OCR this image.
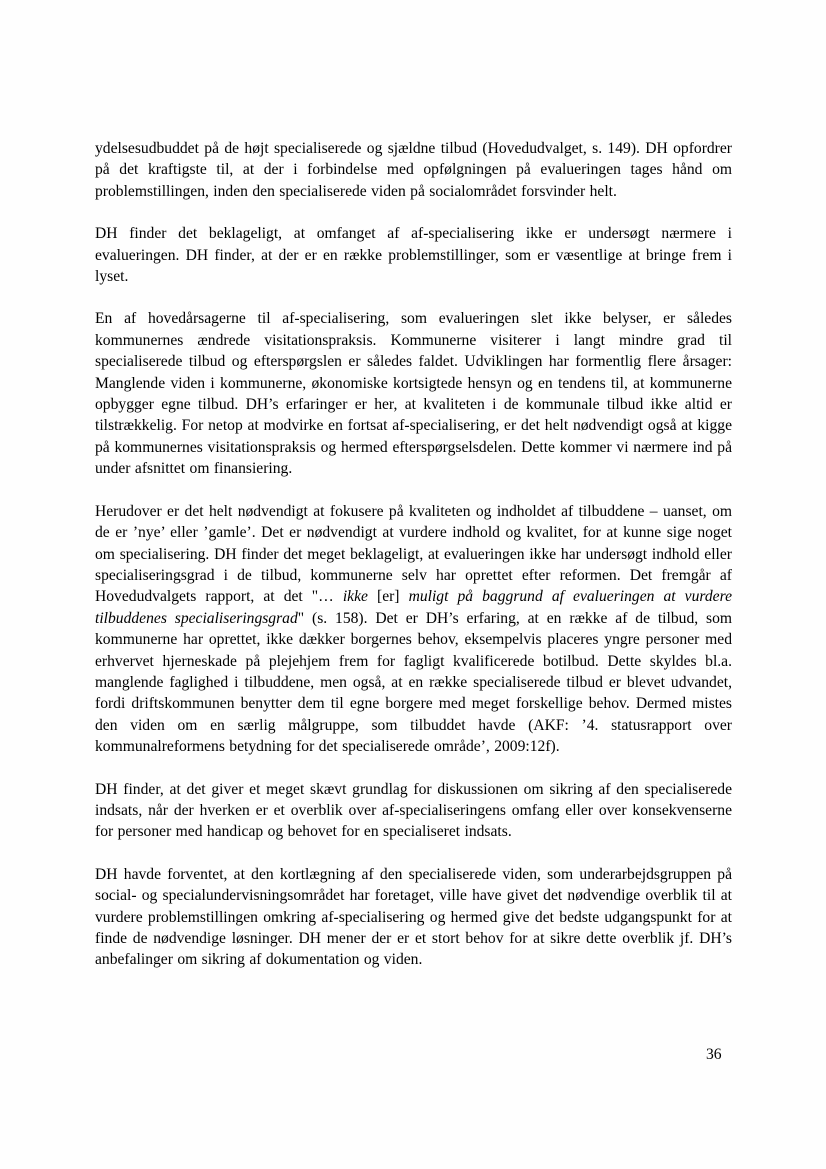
ydelsesudbuddet på de højt specialiserede og sjældne tilbud (Hovedudvalget, s. 149). DH opfordrer på det kraftigste til, at der i forbindelse med opfølgningen på evalueringen tages hånd om problemstillingen, inden den specialiserede viden på socialområdet forsvinder helt.

DH finder det beklageligt, at omfanget af af-specialisering ikke er undersøgt nærmere i evalueringen. DH finder, at der er en række problemstillinger, som er væsentlige at bringe frem i lyset.

En af hovedårsagerne til af-specialisering, som evalueringen slet ikke belyser, er således kommunernes ændrede visitationspraksis. Kommunerne visiterer i langt mindre grad til specialiserede tilbud og efterspørgslen er således faldet. Udviklingen har formentlig flere årsager: Manglende viden i kommunerne, økonomiske kortsigtede hensyn og en tendens til, at kommunerne opbygger egne tilbud. DH’s erfaringer er her, at kvaliteten i de kommunale tilbud ikke altid er tilstrækkelig. For netop at modvirke en fortsat af-specialisering, er det helt nødvendigt også at kigge på kommunernes visitationspraksis og hermed efterspørgselsdelen. Dette kommer vi nærmere ind på under afsnittet om finansiering.

Herudover er det helt nødvendigt at fokusere på kvaliteten og indholdet af tilbuddene – uanset, om de er ’nye’ eller ’gamle’. Det er nødvendigt at vurdere indhold og kvalitet, for at kunne sige noget om specialisering. DH finder det meget beklageligt, at evalueringen ikke har undersøgt indhold eller specialiseringsgrad i de tilbud, kommunerne selv har oprettet efter reformen. Det fremgår af Hovedudvalgets rapport, at det "… ikke [er] muligt på baggrund af evalueringen at vurdere tilbuddenes specialiseringsgrad" (s. 158). Det er DH’s erfaring, at en række af de tilbud, som kommunerne har oprettet, ikke dækker borgernes behov, eksempelvis placeres yngre personer med erhvervet hjerneskade på plejehjem frem for fagligt kvalificerede botilbud. Dette skyldes bl.a. manglende faglighed i tilbuddene, men også, at en række specialiserede tilbud er blevet udvandet, fordi driftskommunen benytter dem til egne borgere med meget forskellige behov. Dermed mistes den viden om en særlig målgruppe, som tilbuddet havde (AKF: ’4. statusrapport over kommunalreformens betydning for det specialiserede område’, 2009:12f).

DH finder, at det giver et meget skævt grundlag for diskussionen om sikring af den specialiserede indsats, når der hverken er et overblik over af-specialiseringens omfang eller over konsekvenserne for personer med handicap og behovet for en specialiseret indsats.

DH havde forventet, at den kortlægning af den specialiserede viden, som underarbejdsgruppen på social- og specialundervisningsområdet har foretaget, ville have givet det nødvendige overblik til at vurdere problemstillingen omkring af-specialisering og hermed give det bedste udgangspunkt for at finde de nødvendige løsninger. DH mener der er et stort behov for at sikre dette overblik jf. DH’s anbefalinger om sikring af dokumentation og viden.

36
